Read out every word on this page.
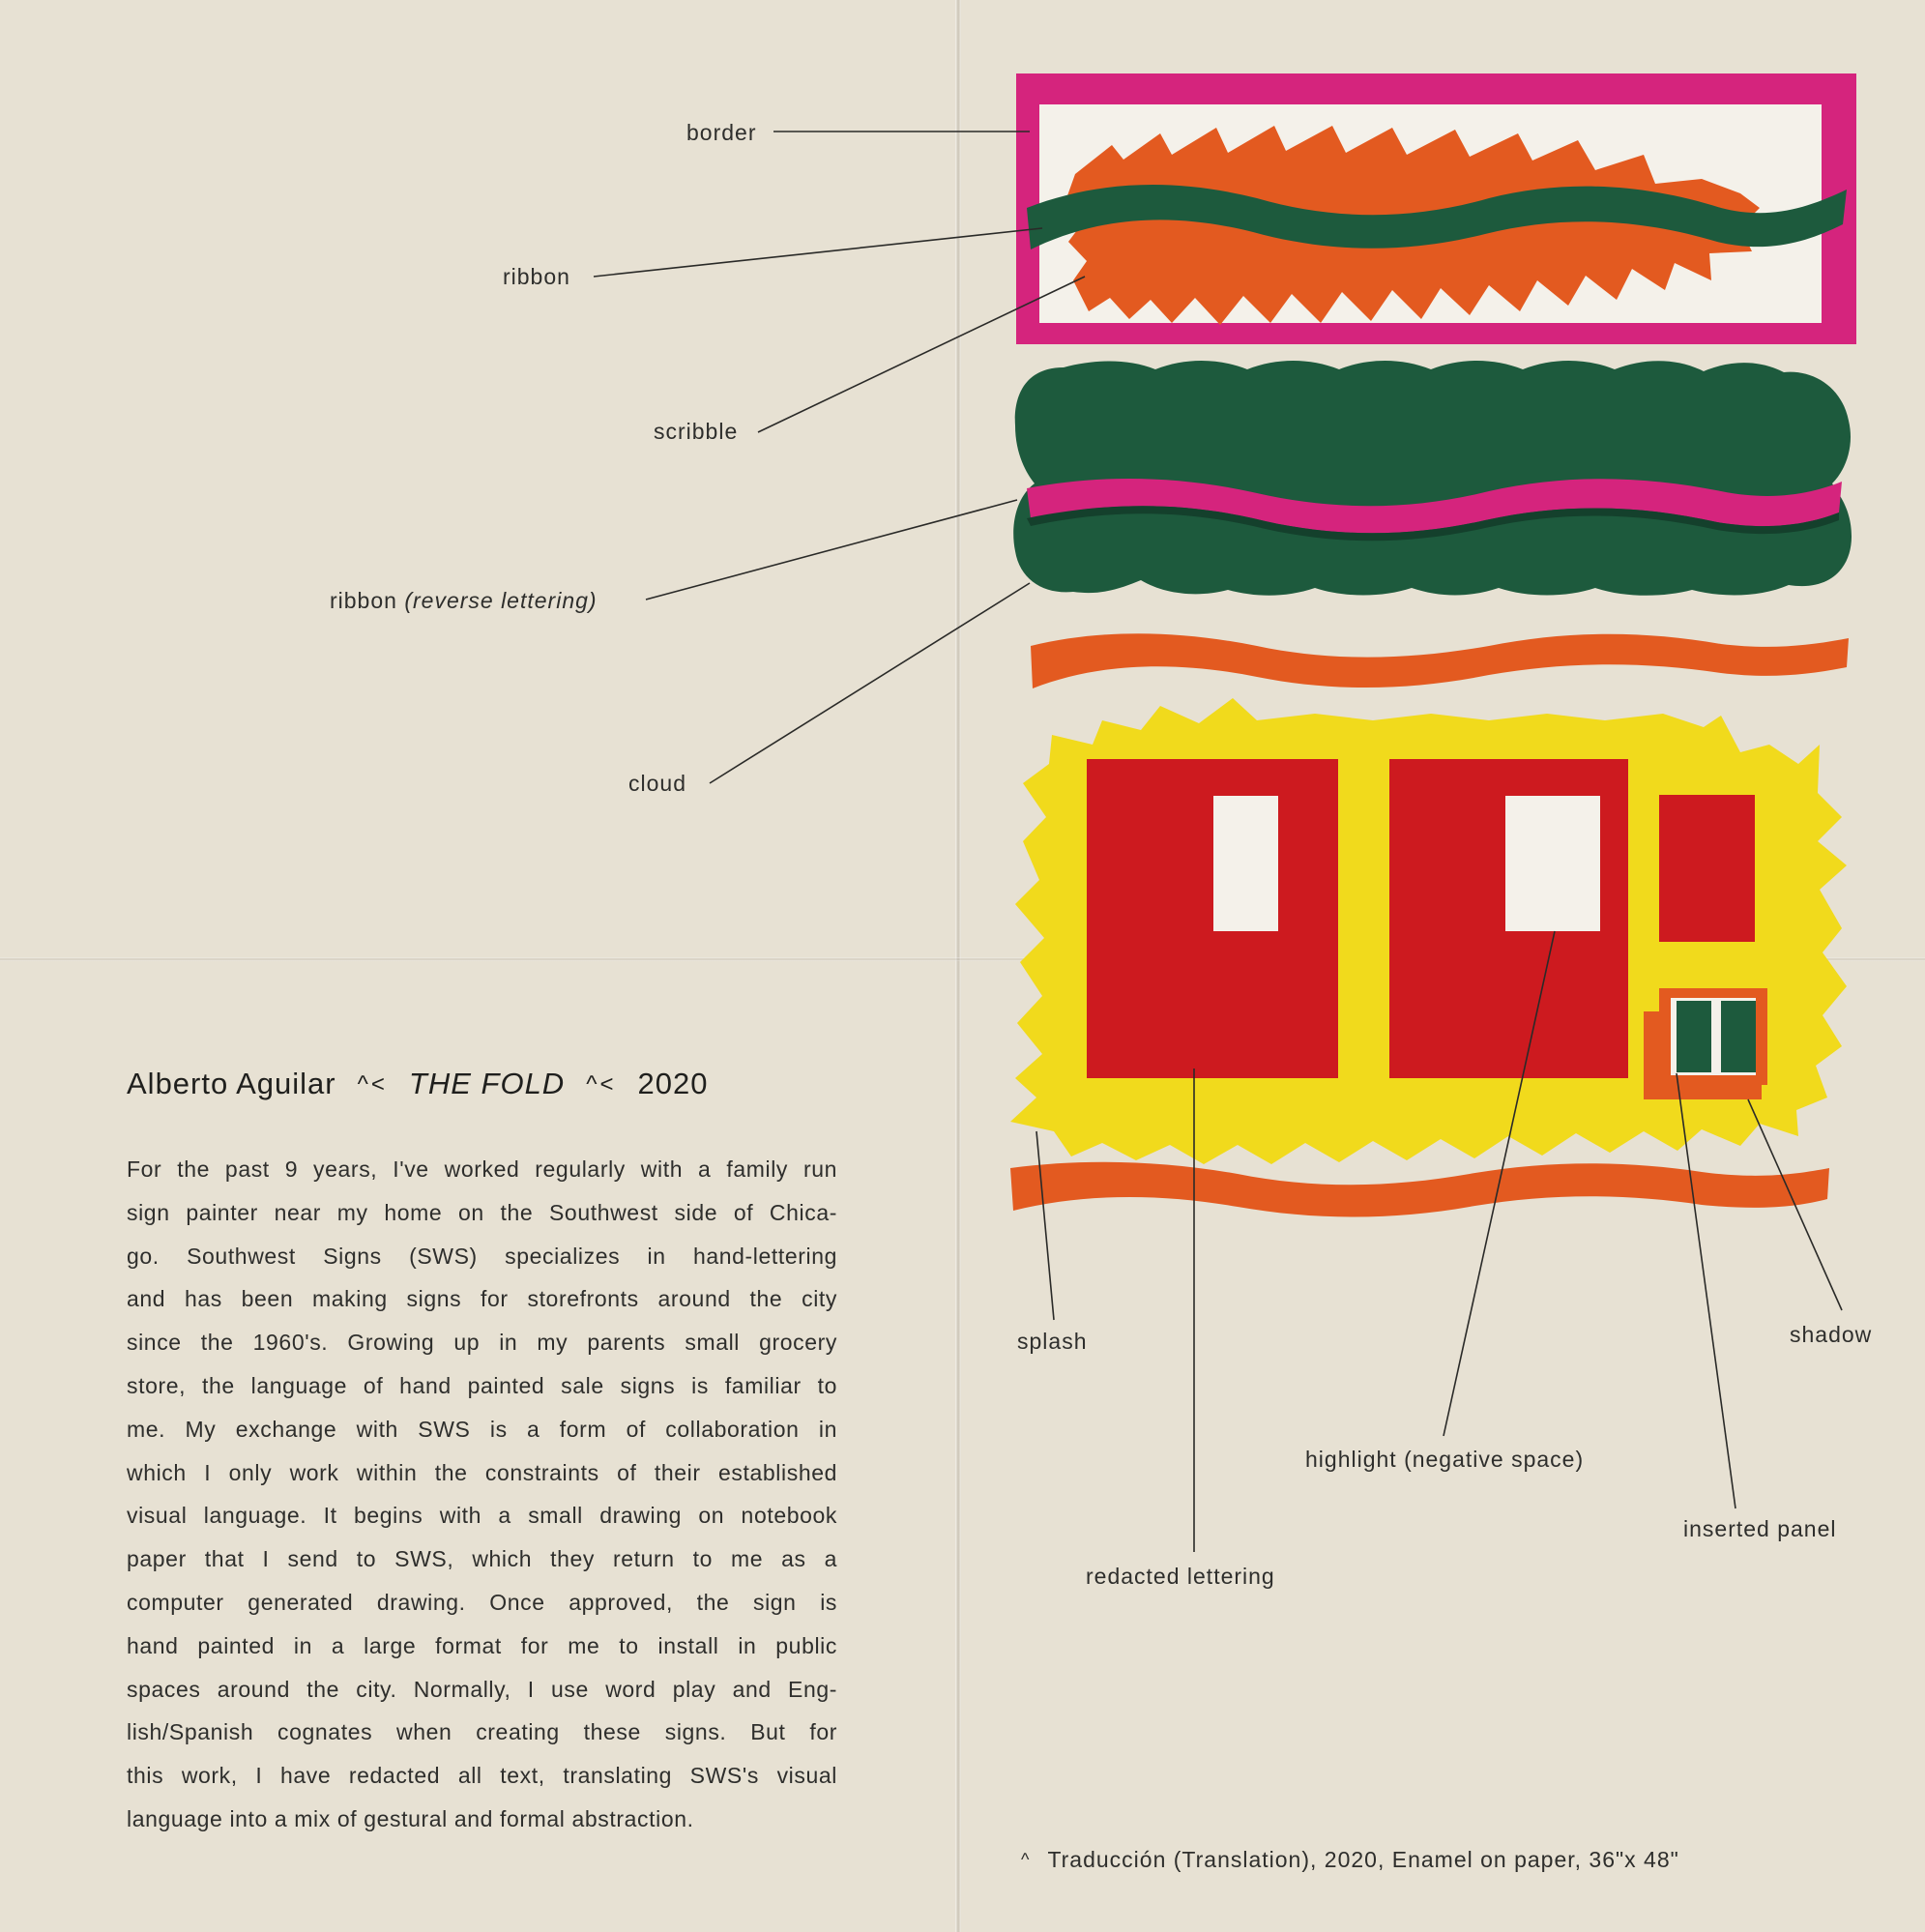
border
ribbon
scribble
ribbon (reverse lettering)
cloud
splash
redacted lettering
highlight (negative space)
inserted panel
shadow
Alberto Aguilar ^< THE FOLD ^< 2020
For the past 9 years, I've worked regularly with a family run
sign painter near my home on the Southwest side of Chica-
go. Southwest Signs (SWS) specializes in hand-lettering
and has been making signs for storefronts around the city
since the 1960's. Growing up in my parents small grocery
store, the language of hand painted sale signs is familiar to
me. My exchange with SWS is a form of collaboration in
which I only work within the constraints of their established
visual language. It begins with a small drawing on notebook
paper that I send to SWS, which they return to me as a
computer generated drawing. Once approved, the sign is
hand painted in a large format for me to install in public
spaces around the city. Normally, I use word play and Eng-
lish/Spanish cognates when creating these signs. But for
this work, I have redacted all text, translating SWS's visual
language into a mix of gestural and formal abstraction.
^ Traducción (Translation), 2020, Enamel on paper, 36"x 48"
